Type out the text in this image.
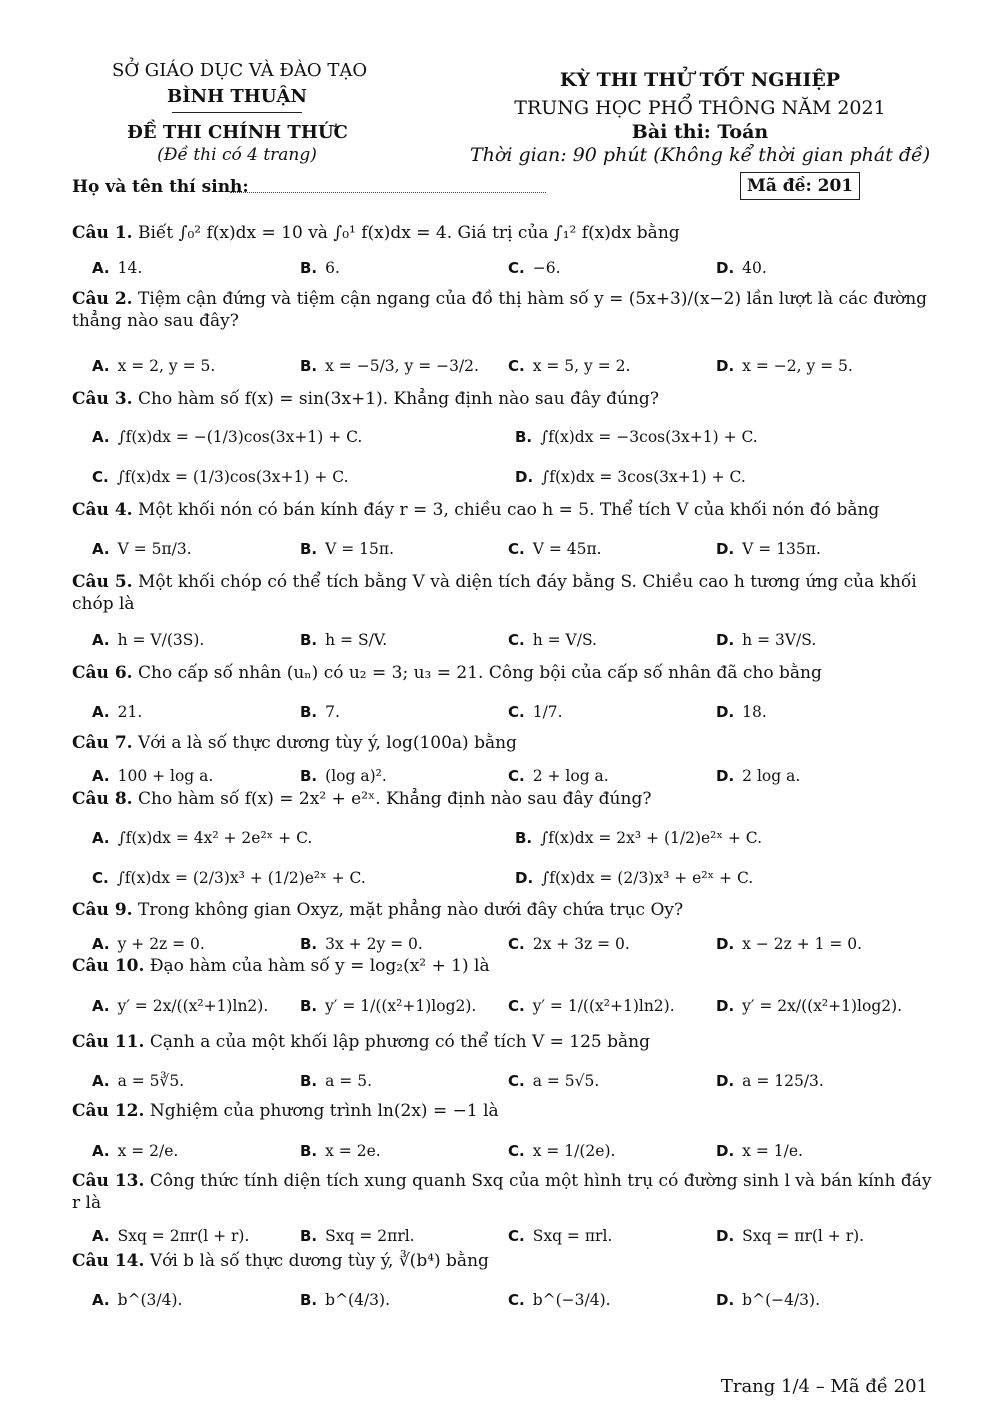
SỞ GIÁO DỤC VÀ ĐÀO TẠO
BÌNH THUẬN
ĐỀ THI CHÍNH THỨC
(Đề thi có 4 trang)
KỲ THI THỬ TỐT NGHIỆP
TRUNG HỌC PHỔ THÔNG NĂM 2021
Bài thi: Toán
Thời gian: 90 phút (Không kể thời gian phát đề)
Họ và tên thí sinh:	Mã đề: 201
Câu 1. Biết ∫₀² f(x)dx = 10 và ∫₀¹ f(x)dx = 4. Giá trị của ∫₁² f(x)dx bằng
A. 14.	B. 6.	C. −6.	D. 40.
Câu 2. Tiệm cận đứng và tiệm cận ngang của đồ thị hàm số y = (5x+3)/(x−2) lần lượt là các đường thẳng nào sau đây?
A. x = 2, y = 5.	B. x = −5/3, y = −3/2. C. x = 5, y = 2.	D. x = −2, y = 5.
Câu 3. Cho hàm số f(x) = sin(3x+1). Khẳng định nào sau đây đúng?
A. ∫f(x)dx = −(1/3)cos(3x+1) + C.	B. ∫f(x)dx = −3cos(3x+1) + C.
C. ∫f(x)dx = (1/3)cos(3x+1) + C.	D. ∫f(x)dx = 3cos(3x+1) + C.
Câu 4. Một khối nón có bán kính đáy r = 3, chiều cao h = 5. Thể tích V của khối nón đó bằng
A. V = 5π/3.	B. V = 15π.	C. V = 45π.	D. V = 135π.
Câu 5. Một khối chóp có thể tích bằng V và diện tích đáy bằng S. Chiều cao h tương ứng của khối chóp là
A. h = V/(3S).	B. h = S/V.	C. h = V/S.	D. h = 3V/S.
Câu 6. Cho cấp số nhân (uₙ) có u₂ = 3; u₃ = 21. Công bội của cấp số nhân đã cho bằng
A. 21.	B. 7.	C. 1/7.	D. 18.
Câu 7. Với a là số thực dương tùy ý, log(100a) bằng
A. 100 + log a.	B. (log a)².	C. 2 + log a.	D. 2 log a.
Câu 8. Cho hàm số f(x) = 2x² + e²ˣ. Khẳng định nào sau đây đúng?
A. ∫f(x)dx = 4x² + 2e²ˣ + C.	B. ∫f(x)dx = 2x³ + (1/2)e²ˣ + C.
C. ∫f(x)dx = (2/3)x³ + (1/2)e²ˣ + C.	D. ∫f(x)dx = (2/3)x³ + e²ˣ + C.
Câu 9. Trong không gian Oxyz, mặt phẳng nào dưới đây chứa trục Oy?
A. y + 2z = 0.	B. 3x + 2y = 0.	C. 2x + 3z = 0.	D. x − 2z + 1 = 0.
Câu 10. Đạo hàm của hàm số y = log₂(x² + 1) là
A. y′ = 2x/((x²+1)ln2). B. y′ = 1/((x²+1)log2). C. y′ = 1/((x²+1)ln2).	D. y′ = 2x/((x²+1)log2).
Câu 11. Cạnh a của một khối lập phương có thể tích V = 125 bằng
A. a = 5∛5.	B. a = 5.	C. a = 5√5.	D. a = 125/3.
Câu 12. Nghiệm của phương trình ln(2x) = −1 là
A. x = 2/e.	B. x = 2e.	C. x = 1/(2e).	D. x = 1/e.
Câu 13. Công thức tính diện tích xung quanh Sxq của một hình trụ có đường sinh l và bán kính đáy r là
A. Sxq = 2πr(l + r).	B. Sxq = 2πrl.	C. Sxq = πrl.	D. Sxq = πr(l + r).
Câu 14. Với b là số thực dương tùy ý, ∛(b⁴) bằng
A. b^(3/4).	B. b^(4/3).	C. b^(−3/4).	D. b^(−4/3).
Trang 1/4 – Mã đề 201
